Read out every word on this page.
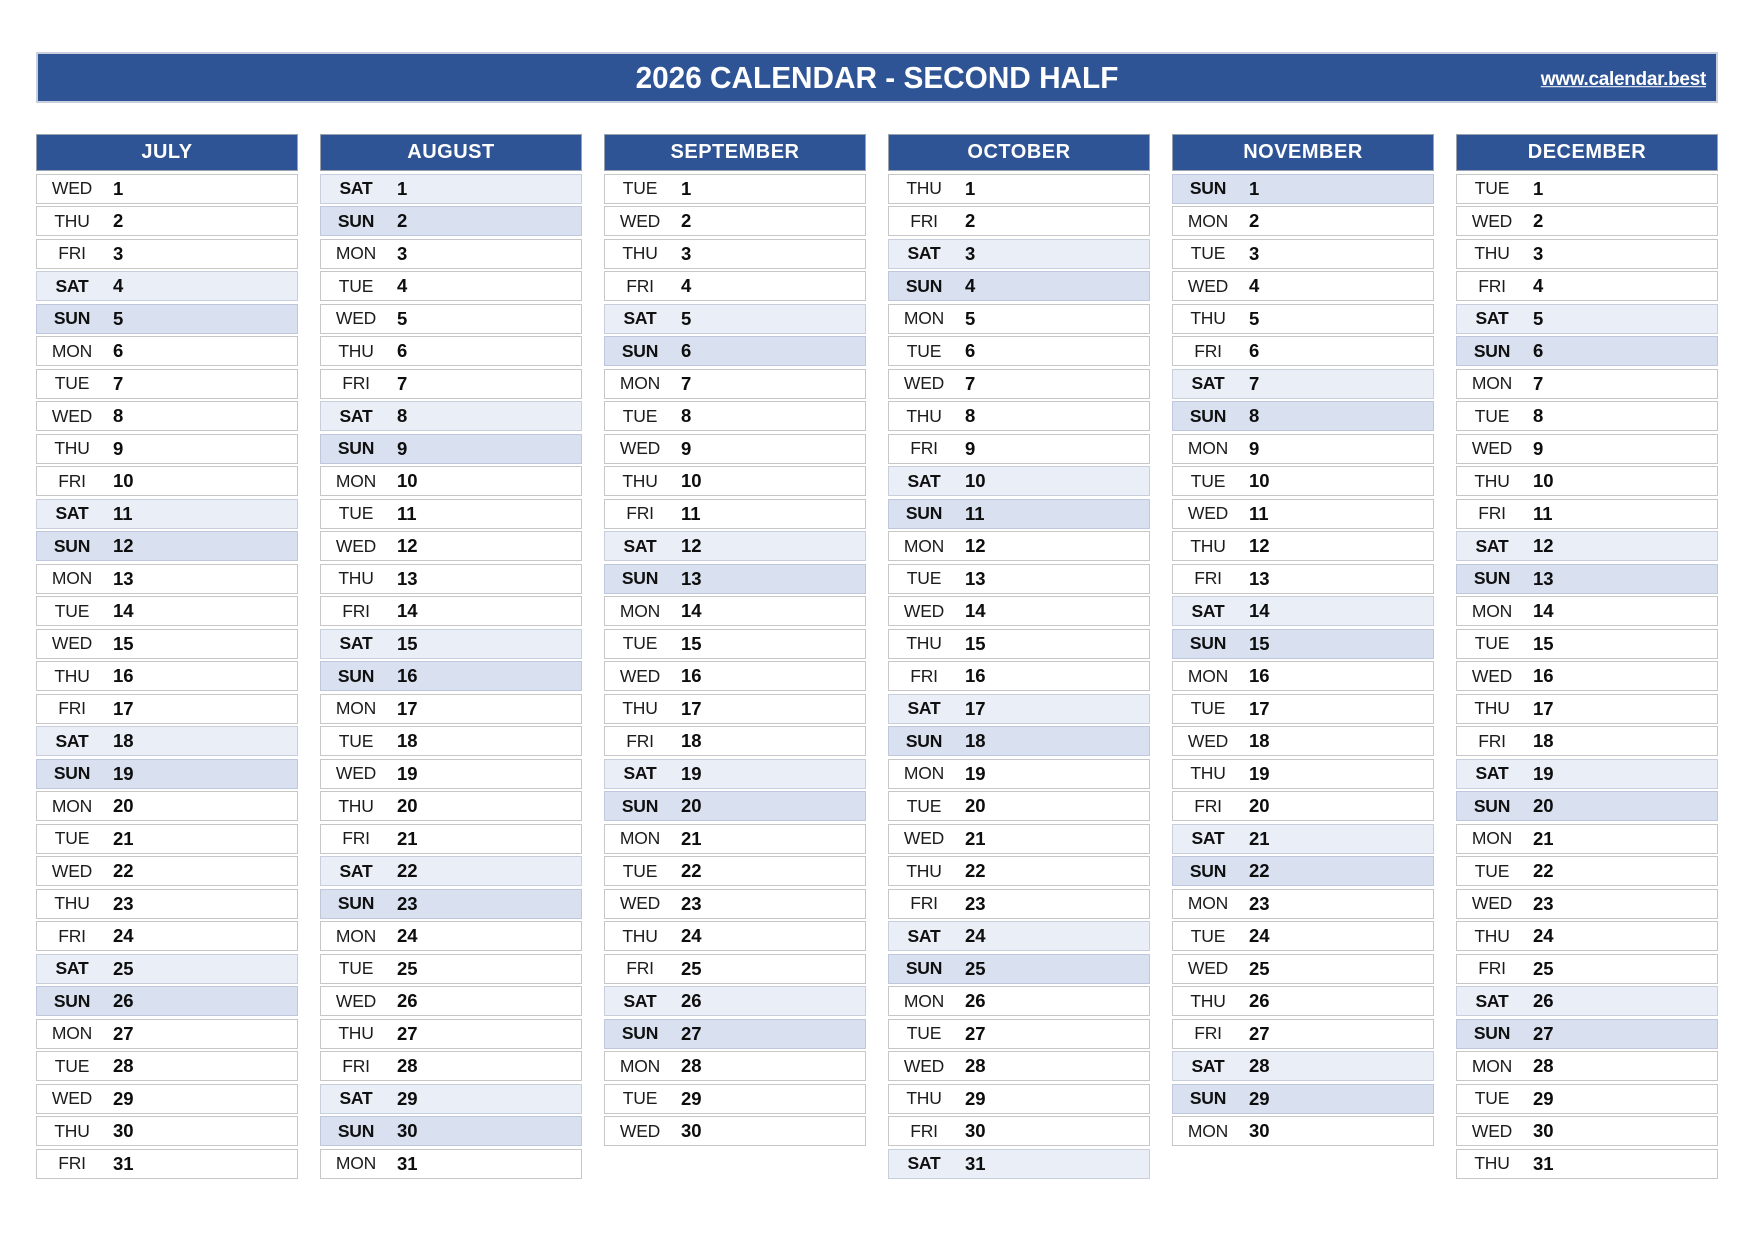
2026 CALENDAR - SECOND HALF	www.calendar.best
JULY
WED	1
THU	2
FRI	3
SAT	4
SUN	5
MON	6
TUE	7
WED	8
THU	9
FRI	10
SAT	11
SUN	12
MON	13
TUE	14
WED	15
THU	16
FRI	17
SAT	18
SUN	19
MON	20
TUE	21
WED	22
THU	23
FRI	24
SAT	25
SUN	26
MON	27
TUE	28
WED	29
THU	30
FRI	31
AUGUST
SAT	1
SUN	2
MON	3
TUE	4
WED	5
THU	6
FRI	7
SAT	8
SUN	9
MON	10
TUE	11
WED	12
THU	13
FRI	14
SAT	15
SUN	16
MON	17
TUE	18
WED	19
THU	20
FRI	21
SAT	22
SUN	23
MON	24
TUE	25
WED	26
THU	27
FRI	28
SAT	29
SUN	30
MON	31
SEPTEMBER
TUE	1
WED	2
THU	3
FRI	4
SAT	5
SUN	6
MON	7
TUE	8
WED	9
THU	10
FRI	11
SAT	12
SUN	13
MON	14
TUE	15
WED	16
THU	17
FRI	18
SAT	19
SUN	20
MON	21
TUE	22
WED	23
THU	24
FRI	25
SAT	26
SUN	27
MON	28
TUE	29
WED	30
OCTOBER
THU	1
FRI	2
SAT	3
SUN	4
MON	5
TUE	6
WED	7
THU	8
FRI	9
SAT	10
SUN	11
MON	12
TUE	13
WED	14
THU	15
FRI	16
SAT	17
SUN	18
MON	19
TUE	20
WED	21
THU	22
FRI	23
SAT	24
SUN	25
MON	26
TUE	27
WED	28
THU	29
FRI	30
SAT	31
NOVEMBER
SUN	1
MON	2
TUE	3
WED	4
THU	5
FRI	6
SAT	7
SUN	8
MON	9
TUE	10
WED	11
THU	12
FRI	13
SAT	14
SUN	15
MON	16
TUE	17
WED	18
THU	19
FRI	20
SAT	21
SUN	22
MON	23
TUE	24
WED	25
THU	26
FRI	27
SAT	28
SUN	29
MON	30
DECEMBER
TUE	1
WED	2
THU	3
FRI	4
SAT	5
SUN	6
MON	7
TUE	8
WED	9
THU	10
FRI	11
SAT	12
SUN	13
MON	14
TUE	15
WED	16
THU	17
FRI	18
SAT	19
SUN	20
MON	21
TUE	22
WED	23
THU	24
FRI	25
SAT	26
SUN	27
MON	28
TUE	29
WED	30
THU	31
